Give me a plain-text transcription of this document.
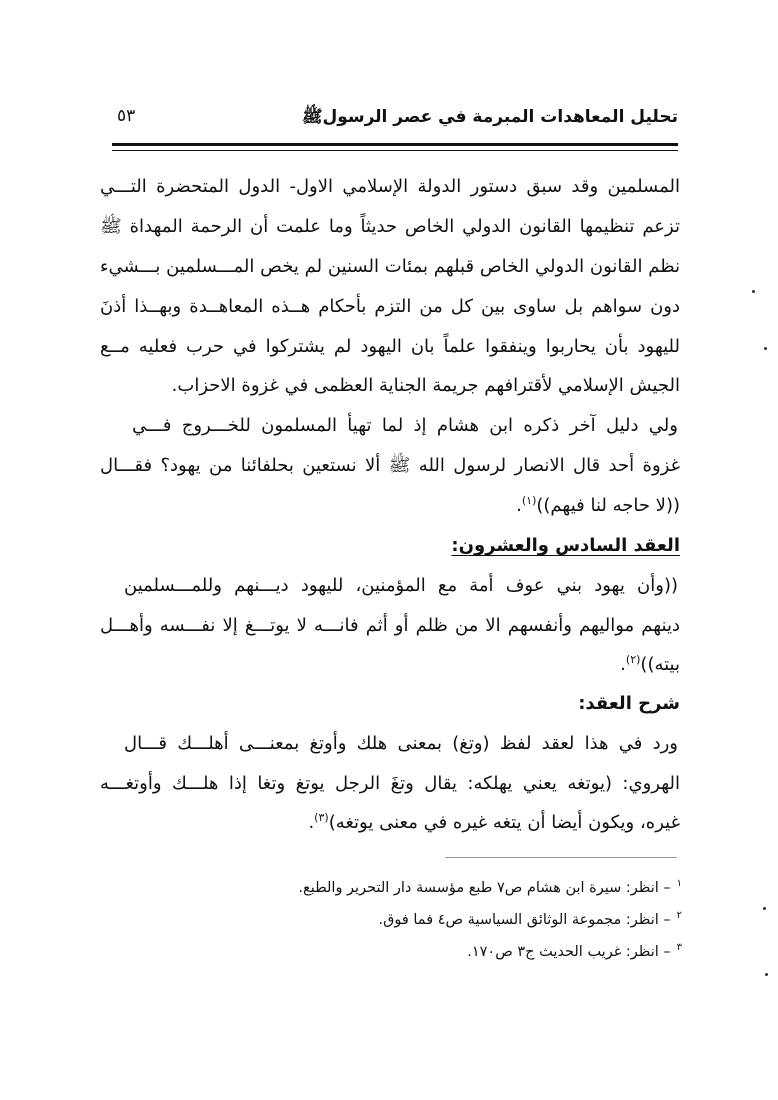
تحليل المعاهدات المبرمة في عصر الرسولﷺ
٥٣
المسلمين وقد سبق دستور الدولة الإسلامي الاول- الدول المتحضرة التـــي
تزعم تنظيمها القانون الدولي الخاص حديثاً وما علمت أن الرحمة المهداة ﷺ
نظم القانون الدولي الخاص قبلهم بمئات السنين لم يخص المـــسلمين بـــشيء
دون سواهم بل ساوى بين كل من التزم بأحكام هــذه المعاهــدة وبهــذا أذنَ
لليهود بأن يحاربوا وينفقوا علماً بان اليهود لم يشتركوا في حرب فعليه مــع
الجيش الإسلامي لأقترافهم جريمة الجناية العظمى في غزوة الاحزاب.
ولي دليل آخر ذكره ابن هشام إذ لما تهيأ المسلمون للخـــروج فـــي
غزوة أحد قال الانصار لرسول الله ﷺ ألا نستعين بحلفائنا من يهود؟ فقـــال
((لا حاجه لنا فيهم))$^{(١)}$.
العقد السادس والعشرون:
((وأن يهود بني عوف أمة مع المؤمنين، لليهود ديـــنهم وللمـــسلمين
دينهم مواليهم وأنفسهم الا من ظلم أو أثم فانـــه لا يوتـــغ إلا نفـــسه وأهـــل
بيته))$^{(٢)}$.
شرح العقد:
ورد في هذا لعقد لفظ (وتغ) بمعنى هلك وأوتغ بمعنـــى أهلـــك قـــال
الهروي: (يوتغه يعني يهلكه: يقال وتغَ الرجل يوتغ وتغا إذا هلـــك وأوتغـــه
غيره، ويكون أيضا أن يتغه غيره في معنى يوتغه)$^{(٣)}$.
$^١$– انظر: سيرة ابن هشام ص٧ طبع مؤسسة دار التحرير والطبع.
$^٢$– انظر: مجموعة الوثائق السياسية ص٤ فما فوق.
$^٣$– انظر: غريب الحديث ج٣ ص١٧٠.
